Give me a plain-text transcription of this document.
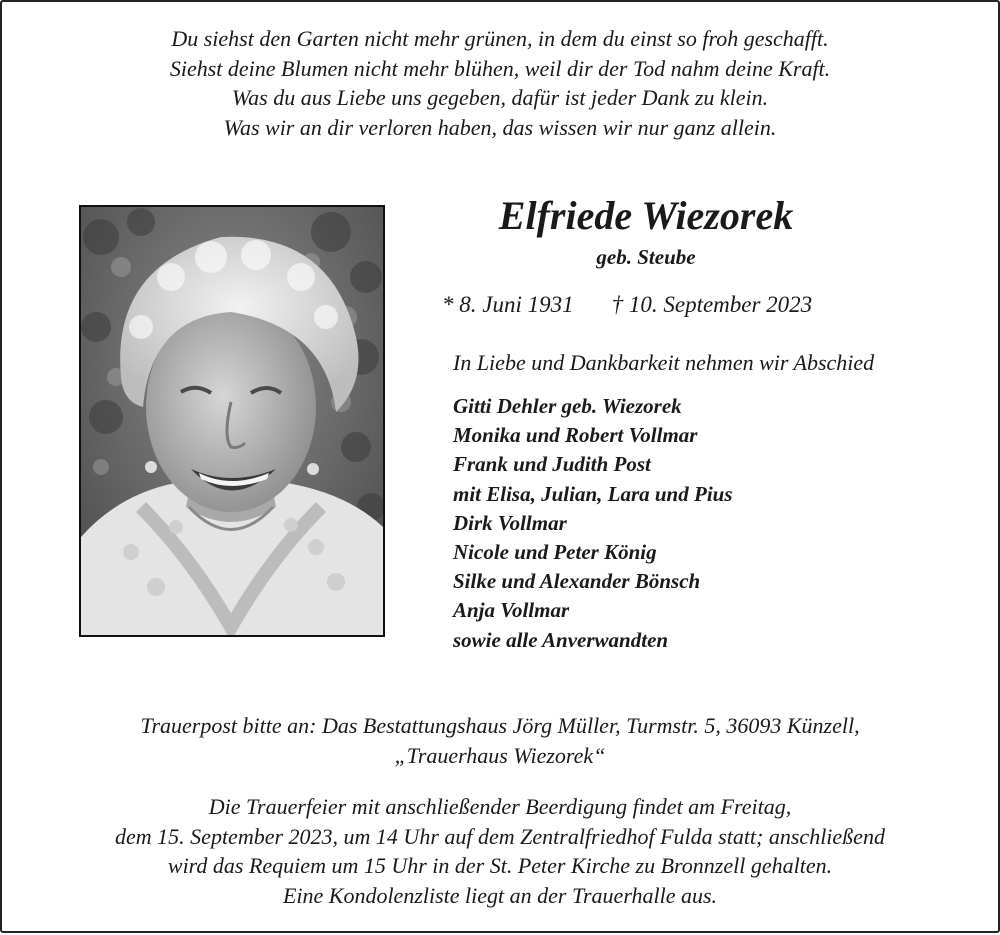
Du siehst den Garten nicht mehr grünen, in dem du einst so froh geschafft.
Siehst deine Blumen nicht mehr blühen, weil dir der Tod nahm deine Kraft.
Was du aus Liebe uns gegeben, dafür ist jeder Dank zu klein.
Was wir an dir verloren haben, das wissen wir nur ganz allein.
Elfriede Wiezorek
geb. Steube
* 8. Juni 1931 † 10. September 2023
In Liebe und Dankbarkeit nehmen wir Abschied
Gitti Dehler geb. Wiezorek
Monika und Robert Vollmar
Frank und Judith Post
mit Elisa, Julian, Lara und Pius
Dirk Vollmar
Nicole und Peter König
Silke und Alexander Bönsch
Anja Vollmar
sowie alle Anverwandten
Trauerpost bitte an: Das Bestattungshaus Jörg Müller, Turmstr. 5, 36093 Künzell,
„Trauerhaus Wiezorek“
Die Trauerfeier mit anschließender Beerdigung findet am Freitag,
dem 15. September 2023, um 14 Uhr auf dem Zentralfriedhof Fulda statt; anschließend
wird das Requiem um 15 Uhr in der St. Peter Kirche zu Bronnzell gehalten.
Eine Kondolenzliste liegt an der Trauerhalle aus.
